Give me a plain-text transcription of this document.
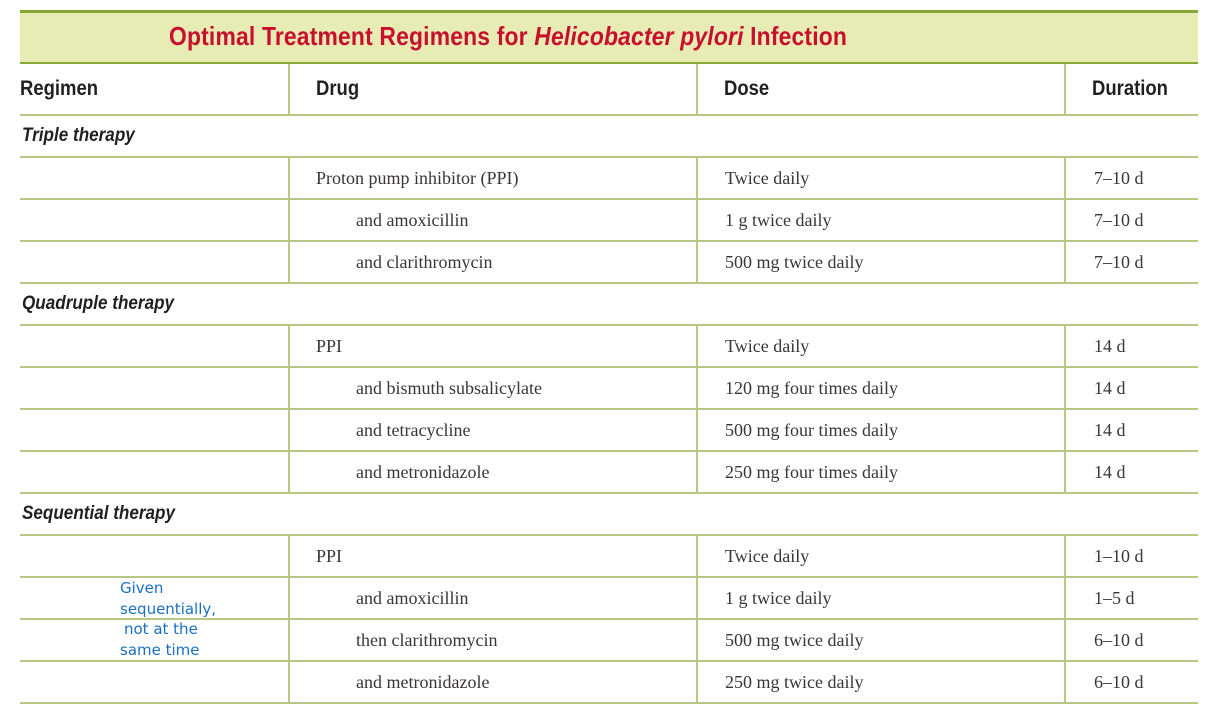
Optimal Treatment Regimens for Helicobacter pylori Infection
Regimen	Drug	Dose	Duration
Triple therapy
Proton pump inhibitor (PPI)	Twice daily	7–10 d
and amoxicillin	1 g twice daily	7–10 d
and clarithromycin	500 mg twice daily	7–10 d
Quadruple therapy
PPI	Twice daily	14 d
and bismuth subsalicylate	120 mg four times daily	14 d
and tetracycline	500 mg four times daily	14 d
and metronidazole	250 mg four times daily	14 d
Sequential therapy
PPI	Twice daily	1–10 d
and amoxicillin	1 g twice daily	1–5 d
then clarithromycin	500 mg twice daily	6–10 d
and metronidazole	250 mg twice daily	6–10 d
Given
sequentially,
not at the
same time
